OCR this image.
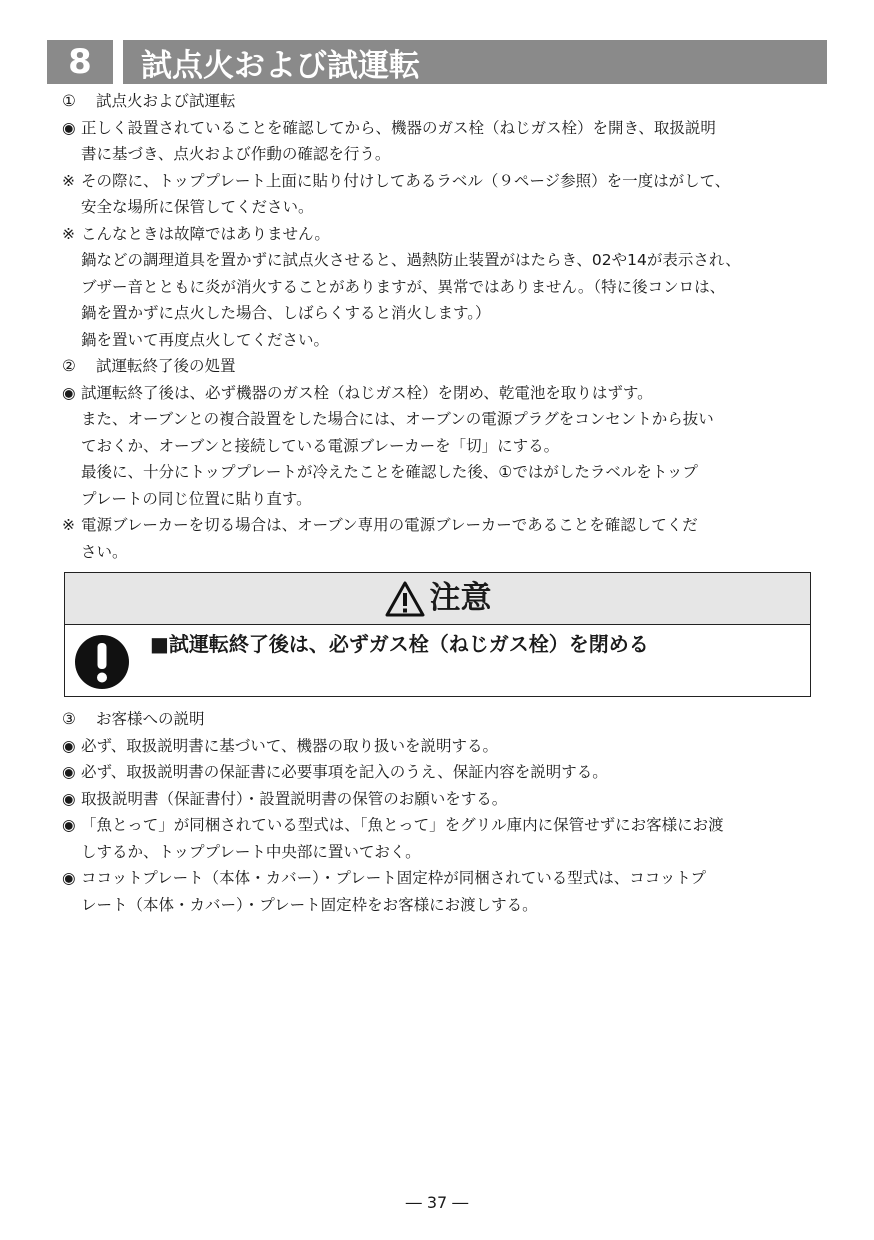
8	試点火および試運転
① 試点火および試運転
◉ 正しく設置されていることを確認してから、機器のガス栓（ねじガス栓）を開き、取扱説明
書に基づき、点火および作動の確認を行う。
※ その際に、トッププレート上面に貼り付けしてあるラベル（９ページ参照）を一度はがして、
安全な場所に保管してください。
※ こんなときは故障ではありません。
鍋などの調理道具を置かずに試点火させると、過熱防止装置がはたらき、02や14が表示され、
ブザー音とともに炎が消火することがありますが、異常ではありません。（特に後コンロは、
鍋を置かずに点火した場合、しばらくすると消火します。）
鍋を置いて再度点火してください。
② 試運転終了後の処置
◉ 試運転終了後は、必ず機器のガス栓（ねじガス栓）を閉め、乾電池を取りはずす。
また、オーブンとの複合設置をした場合には、オーブンの電源プラグをコンセントから抜い
ておくか、オーブンと接続している電源ブレーカーを「切」にする。
最後に、十分にトッププレートが冷えたことを確認した後、①ではがしたラベルをトップ
プレートの同じ位置に貼り直す。
※ 電源ブレーカーを切る場合は、オーブン専用の電源ブレーカーであることを確認してくだ
さい。
注意
■試運転終了後は、必ずガス栓（ねじガス栓）を閉める
③ お客様への説明
◉ 必ず、取扱説明書に基づいて、機器の取り扱いを説明する。
◉ 必ず、取扱説明書の保証書に必要事項を記入のうえ、保証内容を説明する。
◉ 取扱説明書（保証書付）・設置説明書の保管のお願いをする。
◉ 「魚とって」が同梱されている型式は、「魚とって」をグリル庫内に保管せずにお客様にお渡
しするか、トッププレート中央部に置いておく。
◉ ココットプレート（本体・カバー）・プレート固定枠が同梱されている型式は、ココットプ
レート（本体・カバー）・プレート固定枠をお客様にお渡しする。
― 37 ―
